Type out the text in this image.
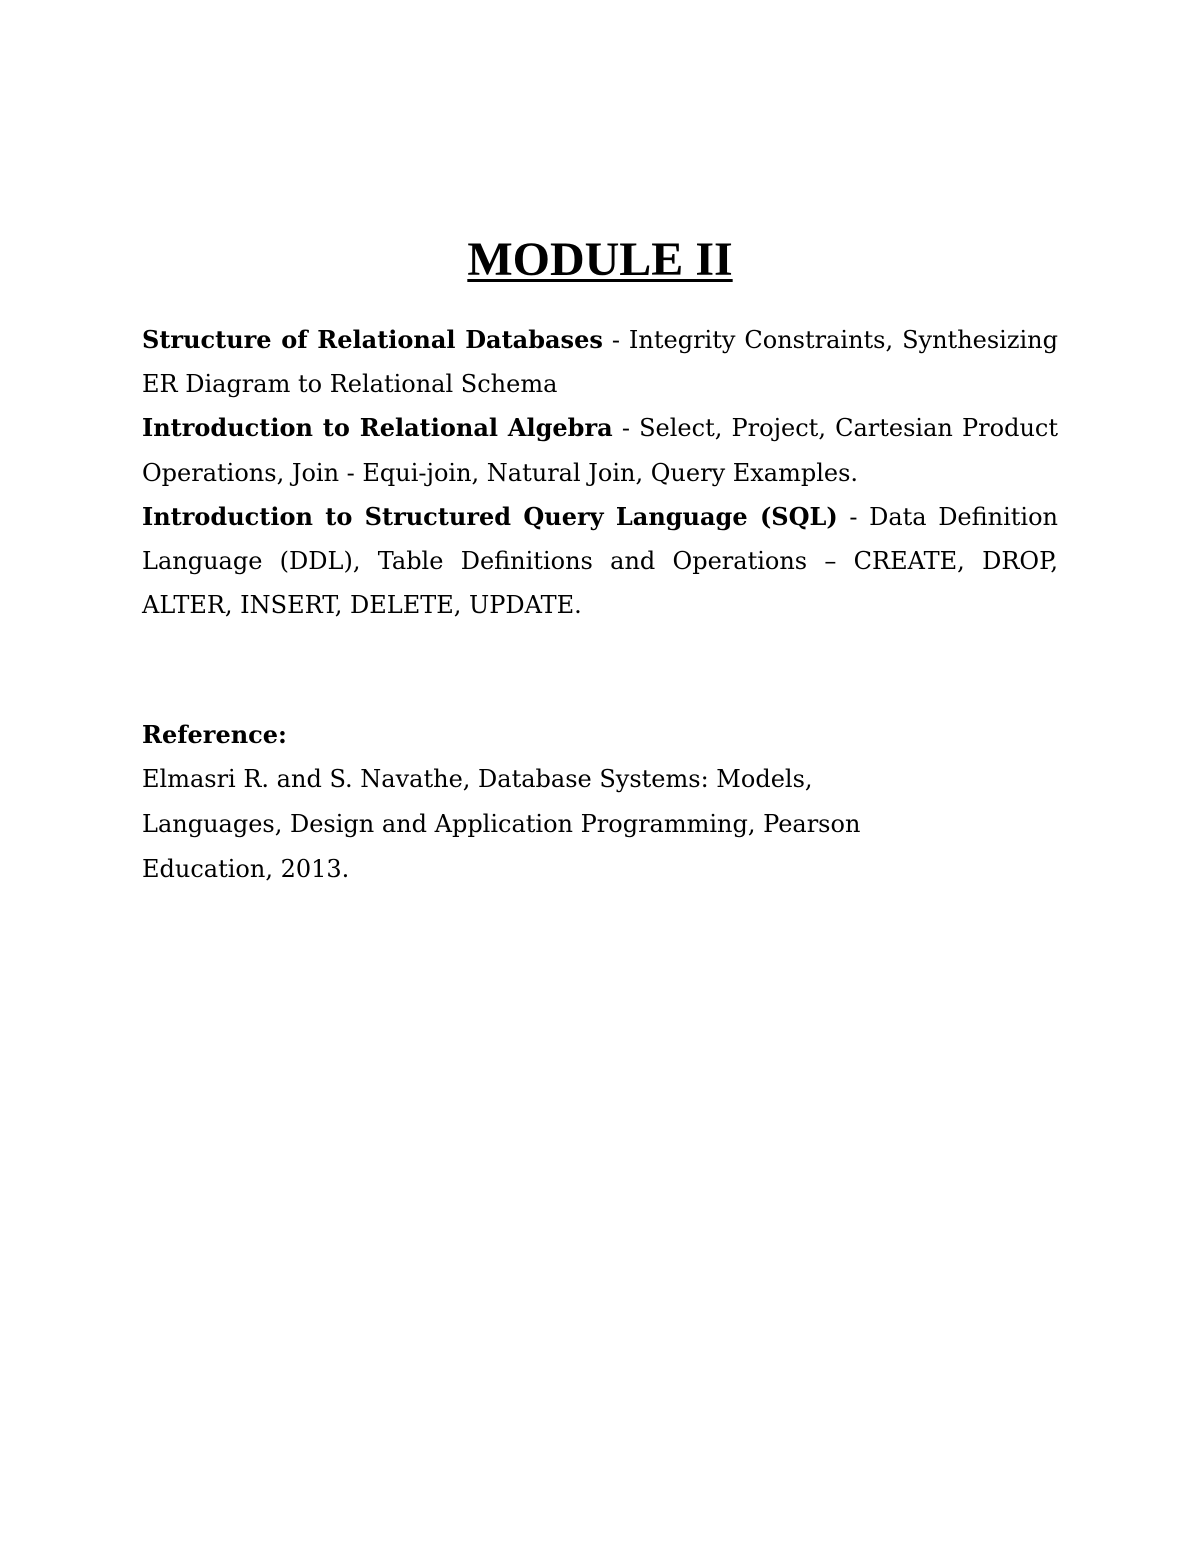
MODULE II

Structure of Relational Databases - Integrity Constraints, Synthesizing ER Diagram to Relational Schema

Introduction to Relational Algebra - Select, Project, Cartesian Product Operations, Join - Equi-join, Natural Join, Query Examples.

Introduction to Structured Query Language (SQL) - Data Definition Language (DDL), Table Definitions and Operations – CREATE, DROP, ALTER, INSERT, DELETE, UPDATE.

Reference:

Elmasri R. and S. Navathe, Database Systems: Models,
Languages, Design and Application Programming, Pearson
Education, 2013.
